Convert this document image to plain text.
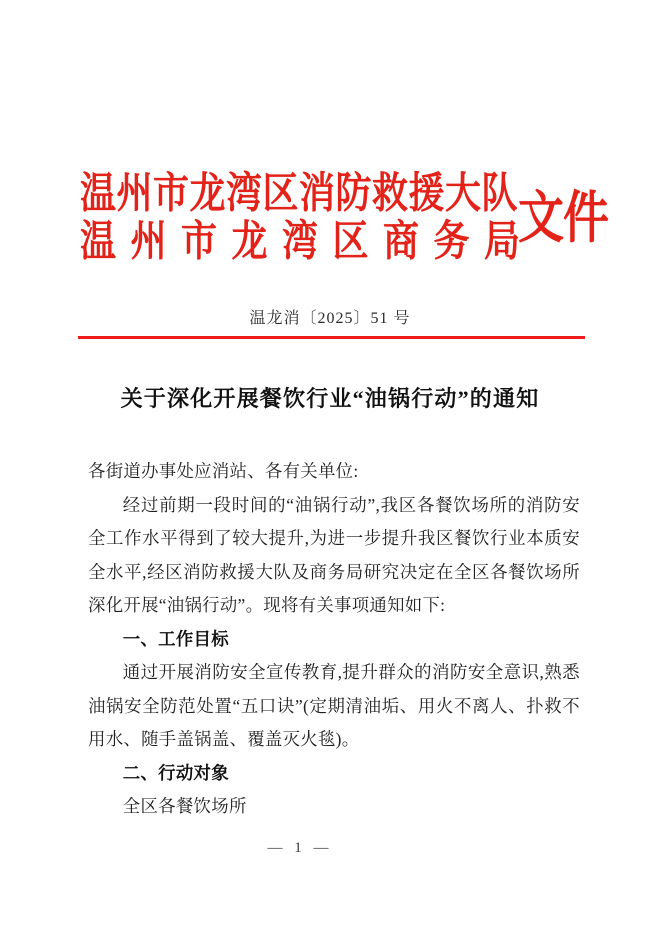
温州市龙湾区消防救援大队
温州市龙湾区商务局
文件
温龙消〔2025〕51 号
关于深化开展餐饮行业“油锅行动”的通知

各街道办事处应消站、各有关单位:

经过前期一段时间的“油锅行动”,我区各餐饮场所的消防安全工作水平得到了较大提升,为进一步提升我区餐饮行业本质安全水平,经区消防救援大队及商务局研究决定在全区各餐饮场所深化开展“油锅行动”。现将有关事项通知如下:

一、工作目标

通过开展消防安全宣传教育,提升群众的消防安全意识,熟悉油锅安全防范处置“五口诀”(定期清油垢、用火不离人、扑救不用水、随手盖锅盖、覆盖灭火毯)。

二、行动对象

全区各餐饮场所

— 1 —
